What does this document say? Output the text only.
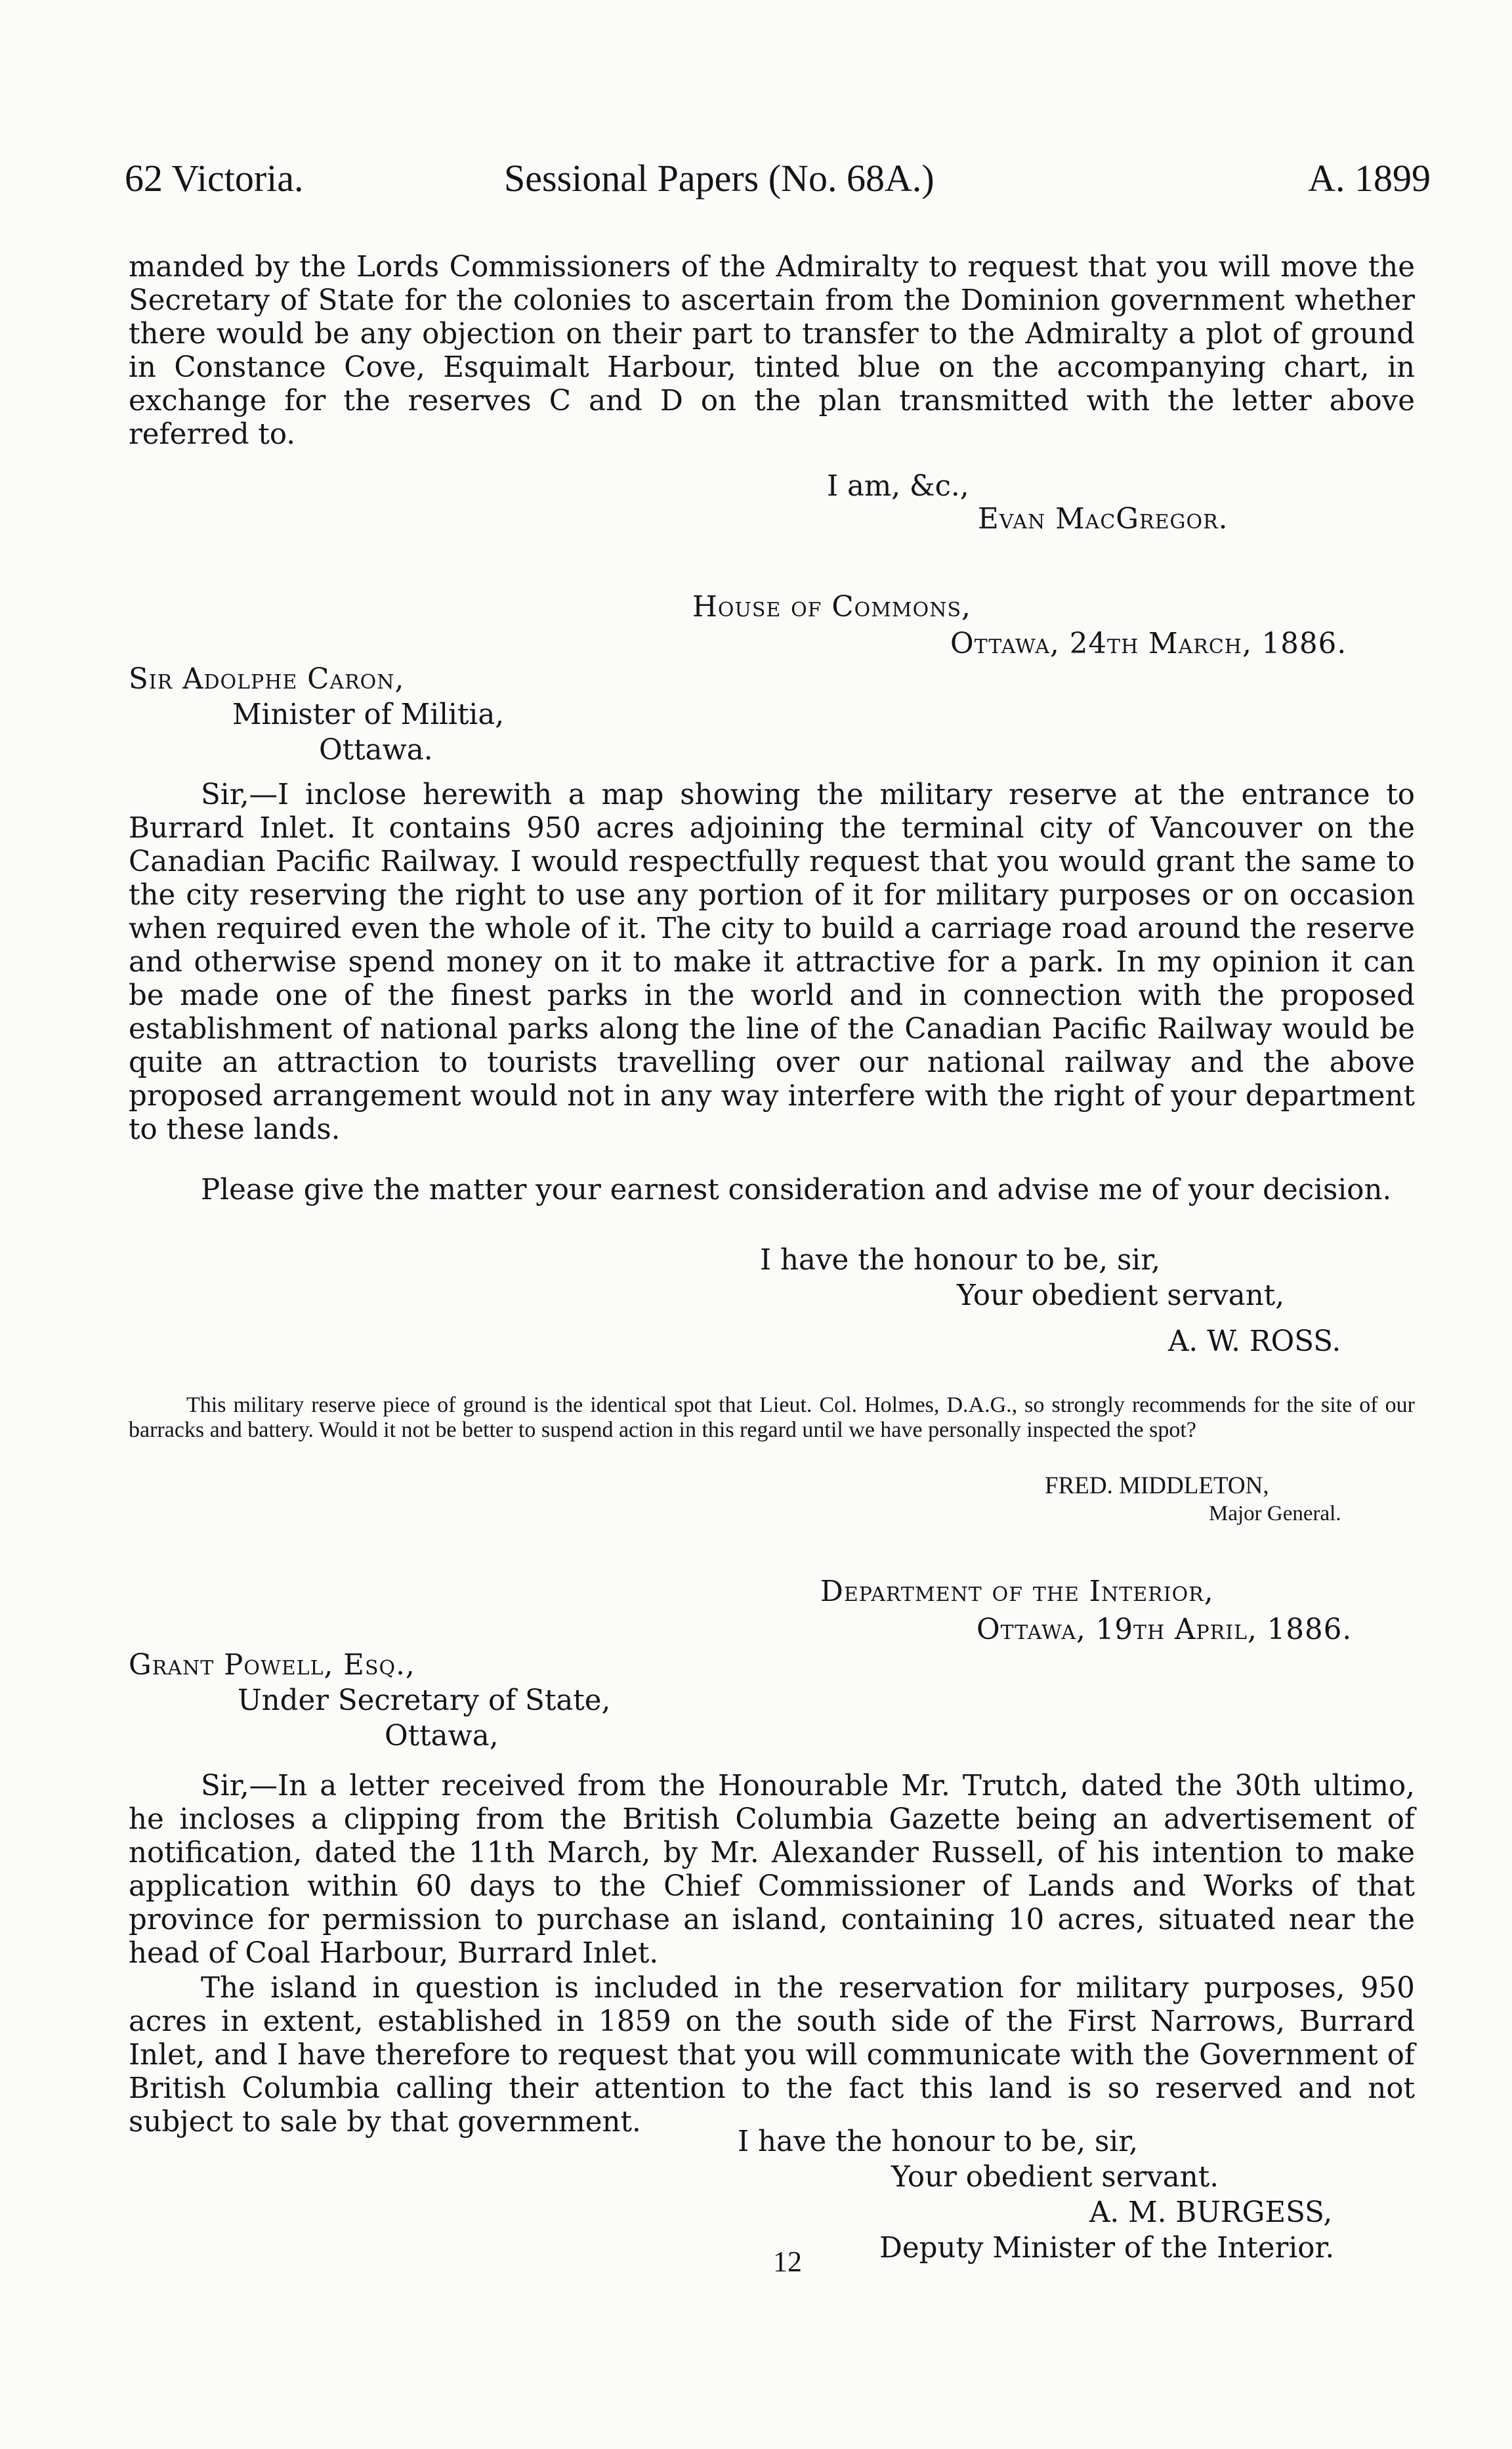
62 Victoria.	Sessional Papers (No. 68A.)	A. 1899

manded by the Lords Commissioners of the Admiralty to request that you will move the Secretary of State for the colonies to ascertain from the Dominion government whether there would be any objection on their part to transfer to the Admiralty a plot of ground in Constance Cove, Esquimalt Harbour, tinted blue on the accompanying chart, in exchange for the reserves C and D on the plan transmitted with the letter above referred to.

I am, &c.,

Evan MacGregor.

House of Commons,

Ottawa, 24th March, 1886.

Sir Adolphe Caron,

Minister of Militia,

Ottawa.

Sir,—I inclose herewith a map showing the military reserve at the entrance to Burrard Inlet. It contains 950 acres adjoining the terminal city of Vancouver on the Canadian Pacific Railway. I would respectfully request that you would grant the same to the city reserving the right to use any portion of it for military purposes or on occasion when required even the whole of it. The city to build a carriage road around the reserve and otherwise spend money on it to make it attractive for a park. In my opinion it can be made one of the finest parks in the world and in connection with the proposed establishment of national parks along the line of the Canadian Pacific Railway would be quite an attraction to tourists travelling over our national railway and the above proposed arrangement would not in any way interfere with the right of your department to these lands.

Please give the matter your earnest consideration and advise me of your decision.

I have the honour to be, sir,

Your obedient servant,

A. W. ROSS.

This military reserve piece of ground is the identical spot that Lieut. Col. Holmes, D.A.G., so strongly recommends for the site of our barracks and battery. Would it not be better to suspend action in this regard until we have personally inspected the spot?

FRED. MIDDLETON,

Major General.

Department of the Interior,

Ottawa, 19th April, 1886.

Grant Powell, Esq.,

Under Secretary of State,

Ottawa,

Sir,—In a letter received from the Honourable Mr. Trutch, dated the 30th ultimo, he incloses a clipping from the British Columbia Gazette being an advertisement of notification, dated the 11th March, by Mr. Alexander Russell, of his intention to make application within 60 days to the Chief Commissioner of Lands and Works of that province for permission to purchase an island, containing 10 acres, situated near the head of Coal Harbour, Burrard Inlet.

The island in question is included in the reservation for military purposes, 950 acres in extent, established in 1859 on the south side of the First Narrows, Burrard Inlet, and I have therefore to request that you will communicate with the Government of British Columbia calling their attention to the fact this land is so reserved and not subject to sale by that government.

I have the honour to be, sir,

Your obedient servant.

A. M. BURGESS,

Deputy Minister of the Interior.

12
